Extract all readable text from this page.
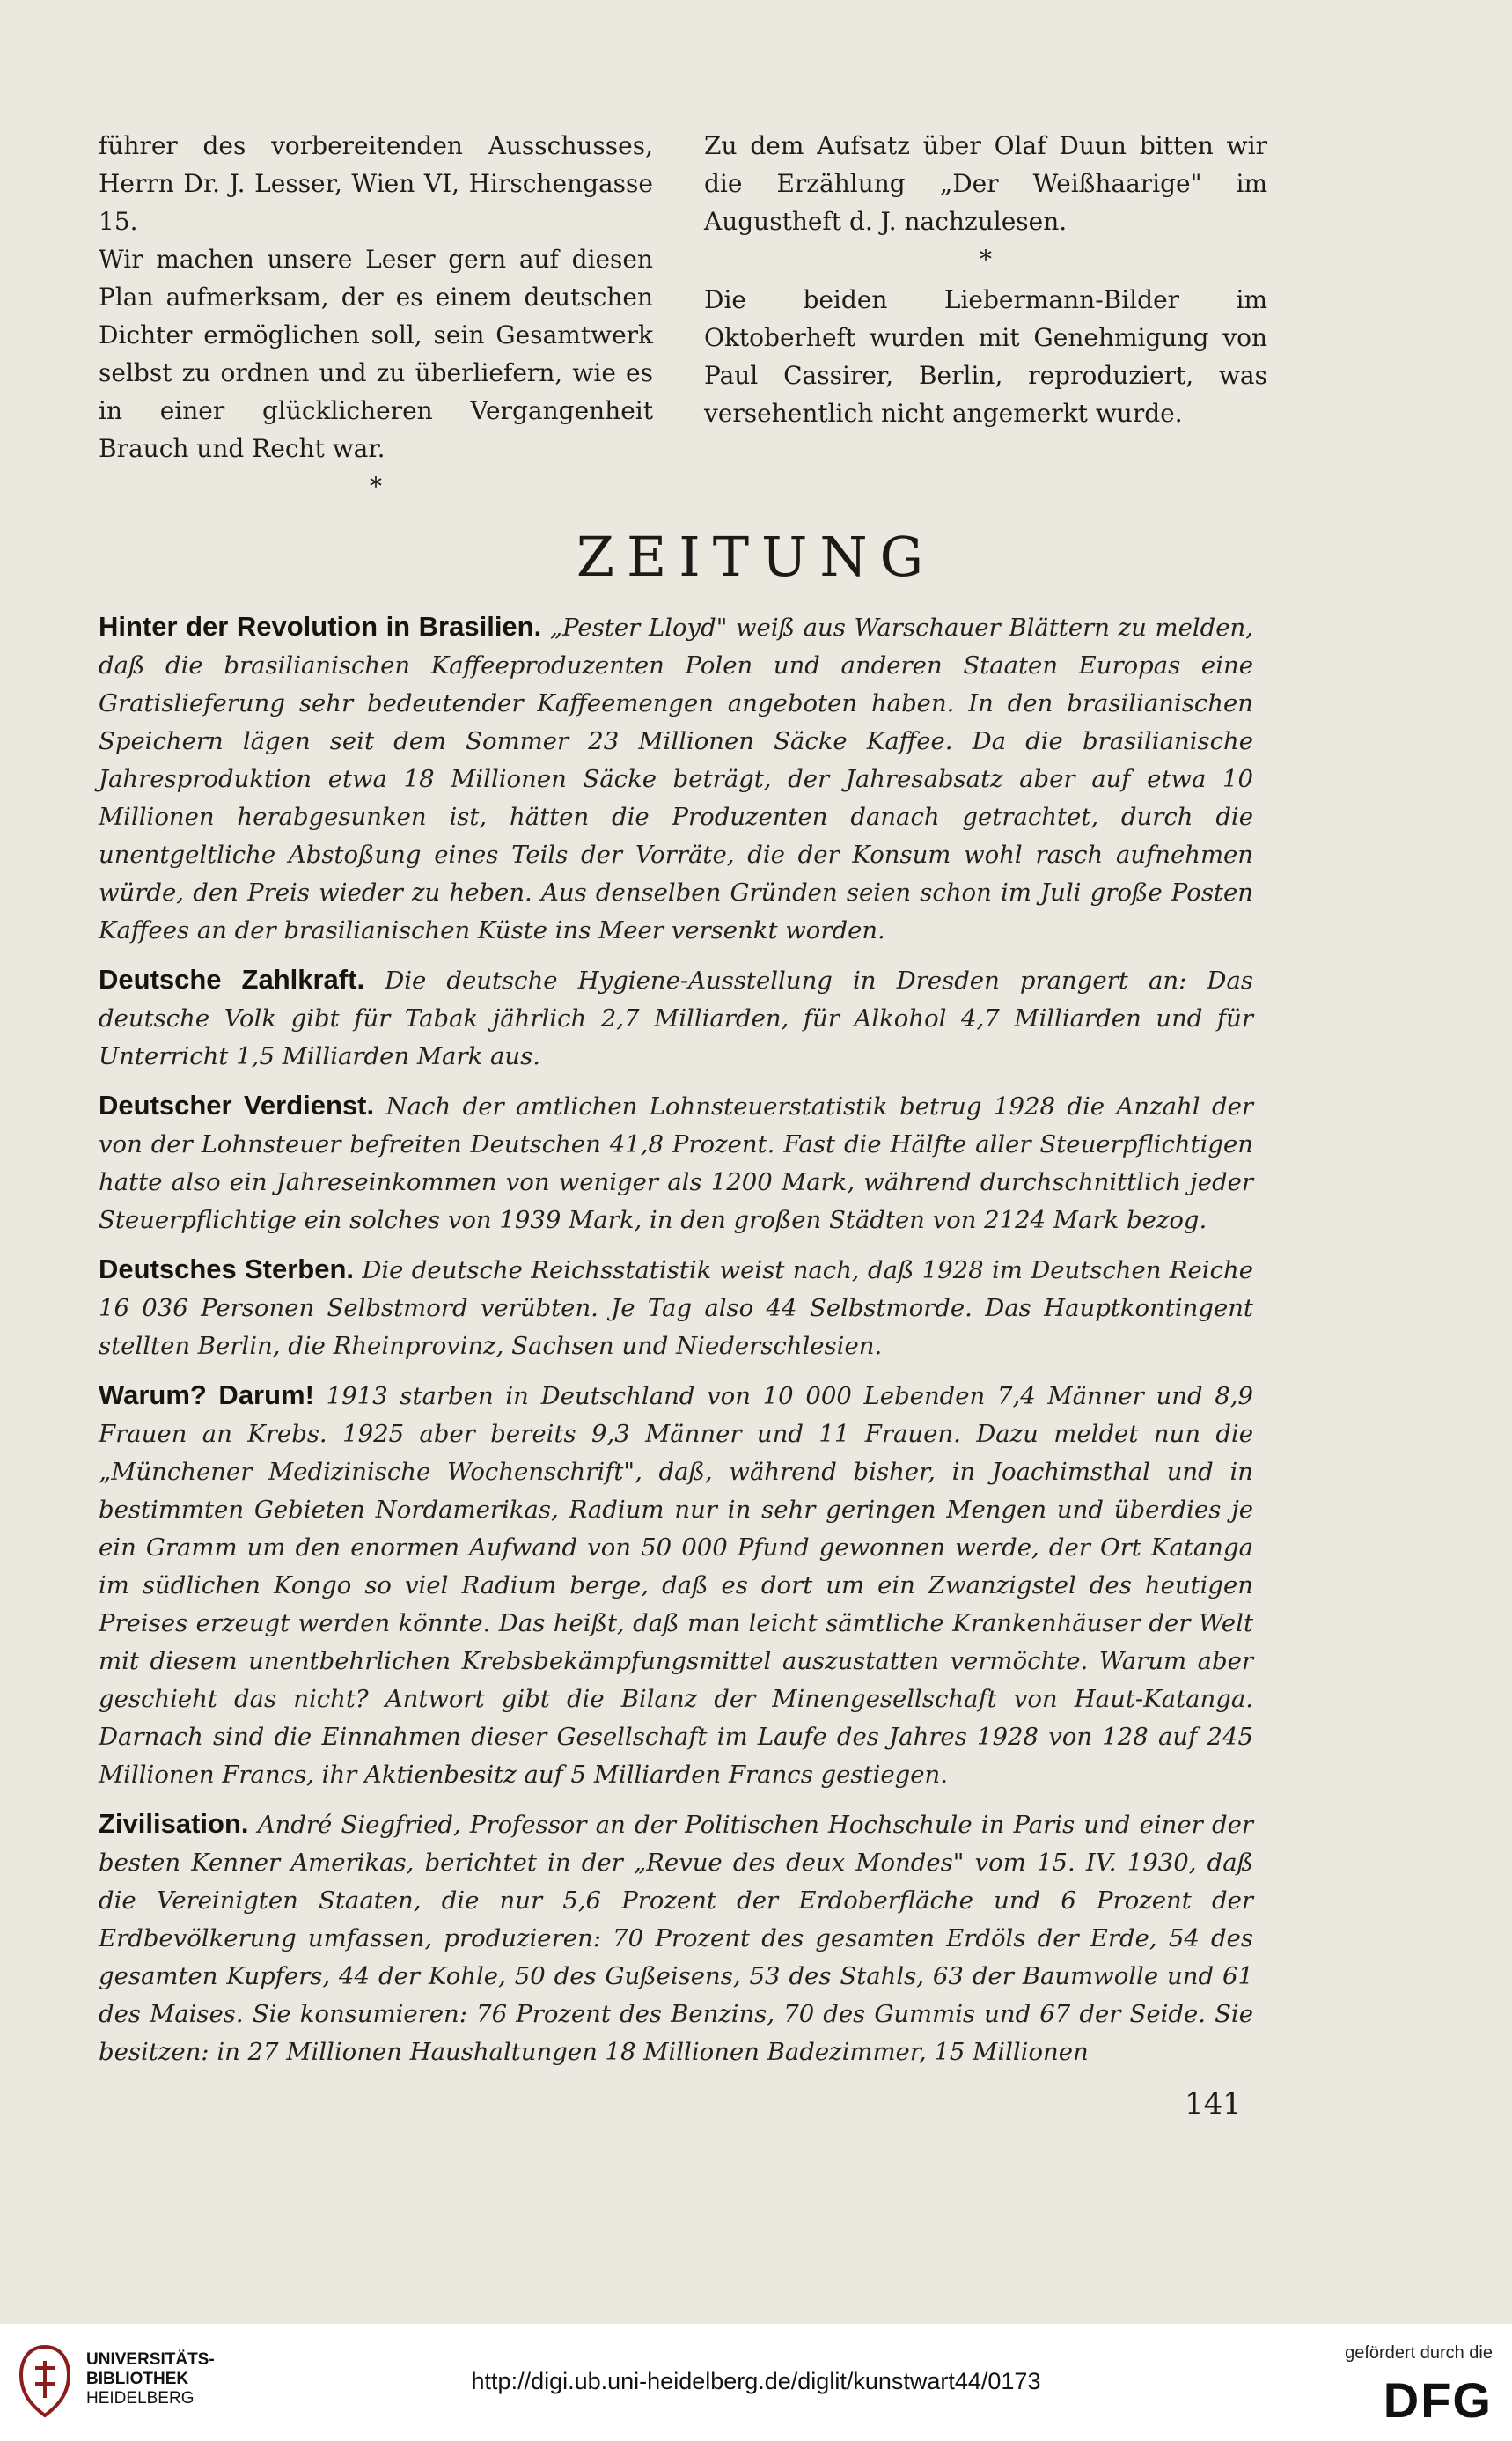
führer des vorbereitenden Ausschusses, Herrn Dr. J. Lesser, Wien VI, Hirschengasse 15.

Wir machen unsere Leser gern auf diesen Plan aufmerksam, der es einem deutschen Dichter ermöglichen soll, sein Gesamtwerk selbst zu ordnen und zu überliefern, wie es in einer glücklicheren Vergangenheit Brauch und Recht war.

*

Zu dem Aufsatz über Olaf Duun bitten wir die Erzählung „Der Weißhaarige" im Augustheft d. J. nachzulesen.

*

Die beiden Liebermann-Bilder im Oktoberheft wurden mit Genehmigung von Paul Cassirer, Berlin, reproduziert, was versehentlich nicht angemerkt wurde.

ZEITUNG

Hinter der Revolution in Brasilien. „Pester Lloyd" weiß aus Warschauer Blättern zu melden, daß die brasilianischen Kaffeeproduzenten Polen und anderen Staaten Europas eine Gratislieferung sehr bedeutender Kaffeemengen angeboten haben. In den brasilianischen Speichern lägen seit dem Sommer 23 Millionen Säcke Kaffee. Da die brasilianische Jahresproduktion etwa 18 Millionen Säcke beträgt, der Jahresabsatz aber auf etwa 10 Millionen herabgesunken ist, hätten die Produzenten danach getrachtet, durch die unentgeltliche Abstoßung eines Teils der Vorräte, die der Konsum wohl rasch aufnehmen würde, den Preis wieder zu heben. Aus denselben Gründen seien schon im Juli große Posten Kaffees an der brasilianischen Küste ins Meer versenkt worden.

Deutsche Zahlkraft. Die deutsche Hygiene-Ausstellung in Dresden prangert an: Das deutsche Volk gibt für Tabak jährlich 2,7 Milliarden, für Alkohol 4,7 Milliarden und für Unterricht 1,5 Milliarden Mark aus.

Deutscher Verdienst. Nach der amtlichen Lohnsteuerstatistik betrug 1928 die Anzahl der von der Lohnsteuer befreiten Deutschen 41,8 Prozent. Fast die Hälfte aller Steuerpflichtigen hatte also ein Jahreseinkommen von weniger als 1200 Mark, während durchschnittlich jeder Steuerpflichtige ein solches von 1939 Mark, in den großen Städten von 2124 Mark bezog.

Deutsches Sterben. Die deutsche Reichsstatistik weist nach, daß 1928 im Deutschen Reiche 16 036 Personen Selbstmord verübten. Je Tag also 44 Selbstmorde. Das Hauptkontingent stellten Berlin, die Rheinprovinz, Sachsen und Niederschlesien.

Warum? Darum! 1913 starben in Deutschland von 10 000 Lebenden 7,4 Männer und 8,9 Frauen an Krebs. 1925 aber bereits 9,3 Männer und 11 Frauen. Dazu meldet nun die „Münchener Medizinische Wochenschrift", daß, während bisher, in Joachimsthal und in bestimmten Gebieten Nordamerikas, Radium nur in sehr geringen Mengen und überdies je ein Gramm um den enormen Aufwand von 50 000 Pfund gewonnen werde, der Ort Katanga im südlichen Kongo so viel Radium berge, daß es dort um ein Zwanzigstel des heutigen Preises erzeugt werden könnte. Das heißt, daß man leicht sämtliche Krankenhäuser der Welt mit diesem unentbehrlichen Krebsbekämpfungsmittel auszustatten vermöchte. Warum aber geschieht das nicht? Antwort gibt die Bilanz der Minengesellschaft von Haut-Katanga. Darnach sind die Einnahmen dieser Gesellschaft im Laufe des Jahres 1928 von 128 auf 245 Millionen Francs, ihr Aktienbesitz auf 5 Milliarden Francs gestiegen.

Zivilisation. André Siegfried, Professor an der Politischen Hochschule in Paris und einer der besten Kenner Amerikas, berichtet in der „Revue des deux Mondes" vom 15. IV. 1930, daß die Vereinigten Staaten, die nur 5,6 Prozent der Erdoberfläche und 6 Prozent der Erdbevölkerung umfassen, produzieren: 70 Prozent des gesamten Erdöls der Erde, 54 des gesamten Kupfers, 44 der Kohle, 50 des Gußeisens, 53 des Stahls, 63 der Baumwolle und 61 des Maises. Sie konsumieren: 76 Prozent des Benzins, 70 des Gummis und 67 der Seide. Sie besitzen: in 27 Millionen Haushaltungen 18 Millionen Badezimmer, 15 Millionen

141
UNIVERSITÄTS-
BIBLIOTHEK
HEIDELBERG
http://digi.ub.uni-heidelberg.de/diglit/kunstwart44/0173
gefördert durch die
DFG
